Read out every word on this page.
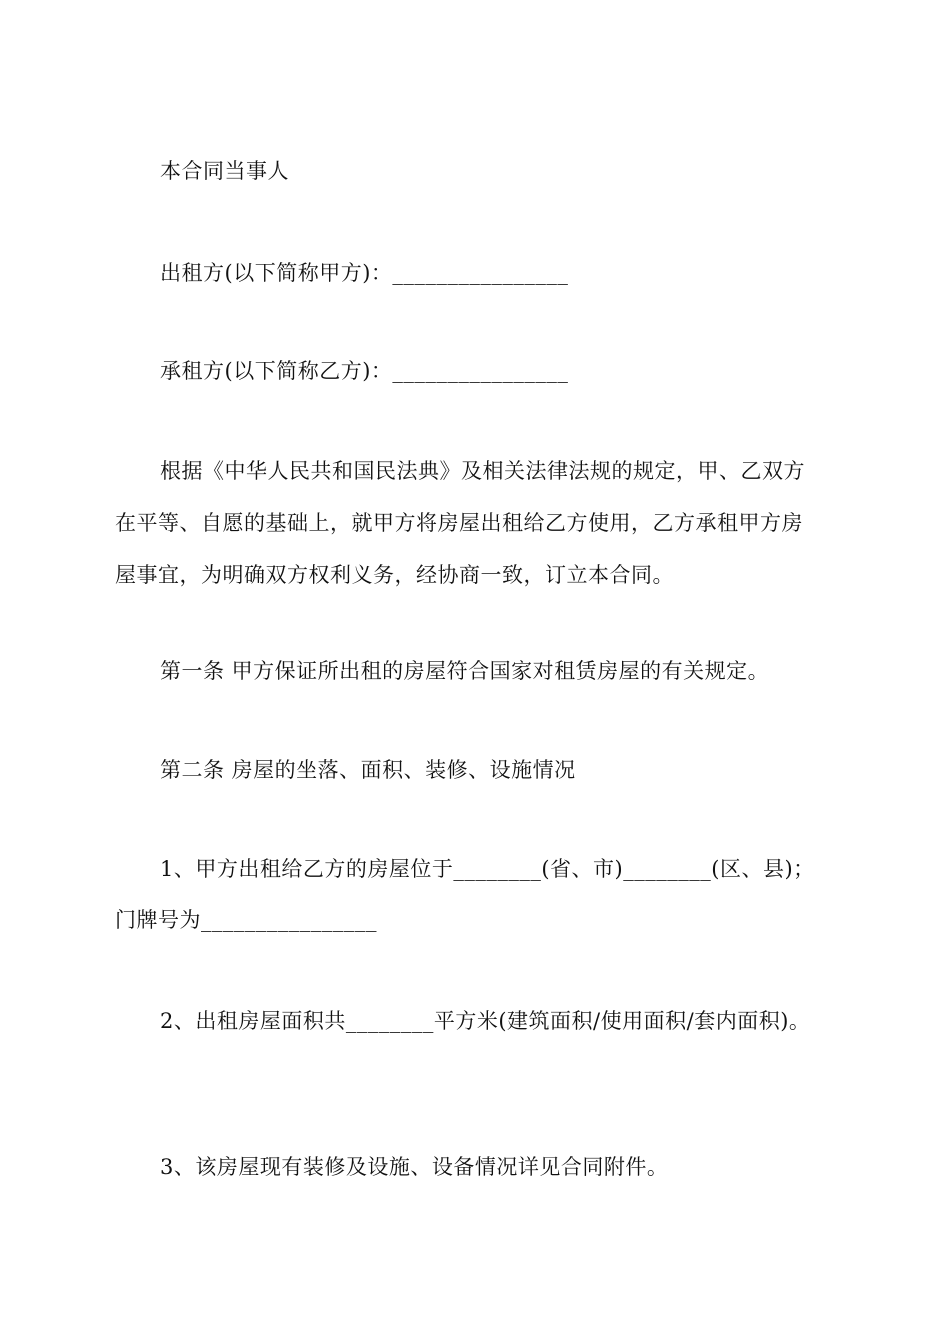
本合同当事人
出租方(以下简称甲方)：________________
承租方(以下简称乙方)：________________
根据《中华人民共和国民法典》及相关法律法规的规定，甲、乙双方
在平等、自愿的基础上，就甲方将房屋出租给乙方使用，乙方承租甲方房
屋事宜，为明确双方权利义务，经协商一致，订立本合同。
第一条 甲方保证所出租的房屋符合国家对租赁房屋的有关规定。
第二条 房屋的坐落、面积、装修、设施情况
1、甲方出租给乙方的房屋位于________(省、市)________(区、县)；
门牌号为________________
2、出租房屋面积共________平方米(建筑面积/使用面积/套内面积)。
3、该房屋现有装修及设施、设备情况详见合同附件。
